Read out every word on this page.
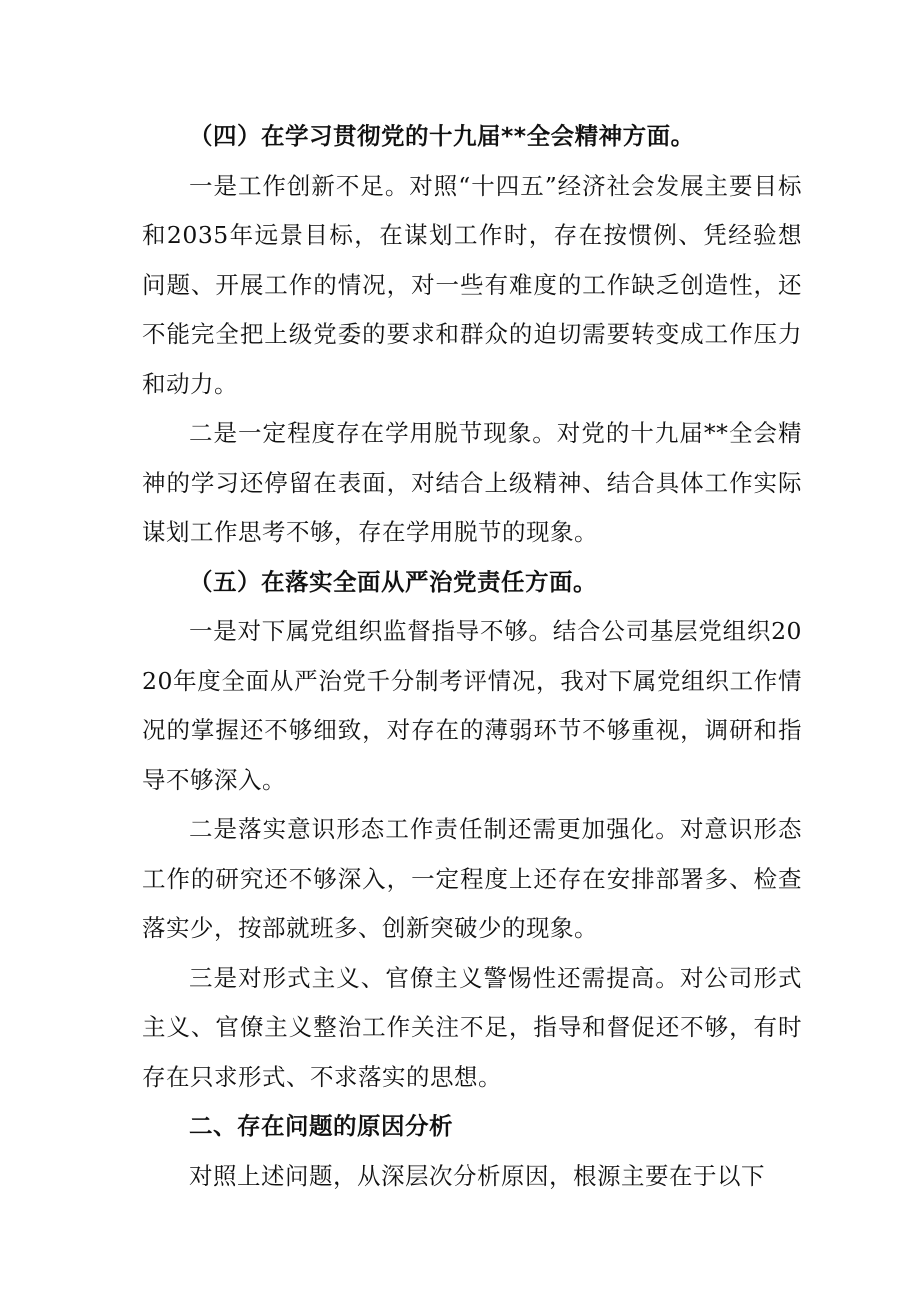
（四）在学习贯彻党的十九届**全会精神方面。

一是工作创新不足。对照“十四五”经济社会发展主要目标和2035年远景目标，在谋划工作时，存在按惯例、凭经验想问题、开展工作的情况，对一些有难度的工作缺乏创造性，还不能完全把上级党委的要求和群众的迫切需要转变成工作压力和动力。

二是一定程度存在学用脱节现象。对党的十九届**全会精神的学习还停留在表面，对结合上级精神、结合具体工作实际谋划工作思考不够，存在学用脱节的现象。

（五）在落实全面从严治党责任方面。

一是对下属党组织监督指导不够。结合公司基层党组织2020年度全面从严治党千分制考评情况，我对下属党组织工作情况的掌握还不够细致，对存在的薄弱环节不够重视，调研和指导不够深入。

二是落实意识形态工作责任制还需更加强化。对意识形态工作的研究还不够深入，一定程度上还存在安排部署多、检查落实少，按部就班多、创新突破少的现象。

三是对形式主义、官僚主义警惕性还需提高。对公司形式主义、官僚主义整治工作关注不足，指导和督促还不够，有时存在只求形式、不求落实的思想。

二、存在问题的原因分析

对照上述问题，从深层次分析原因，根源主要在于以下
